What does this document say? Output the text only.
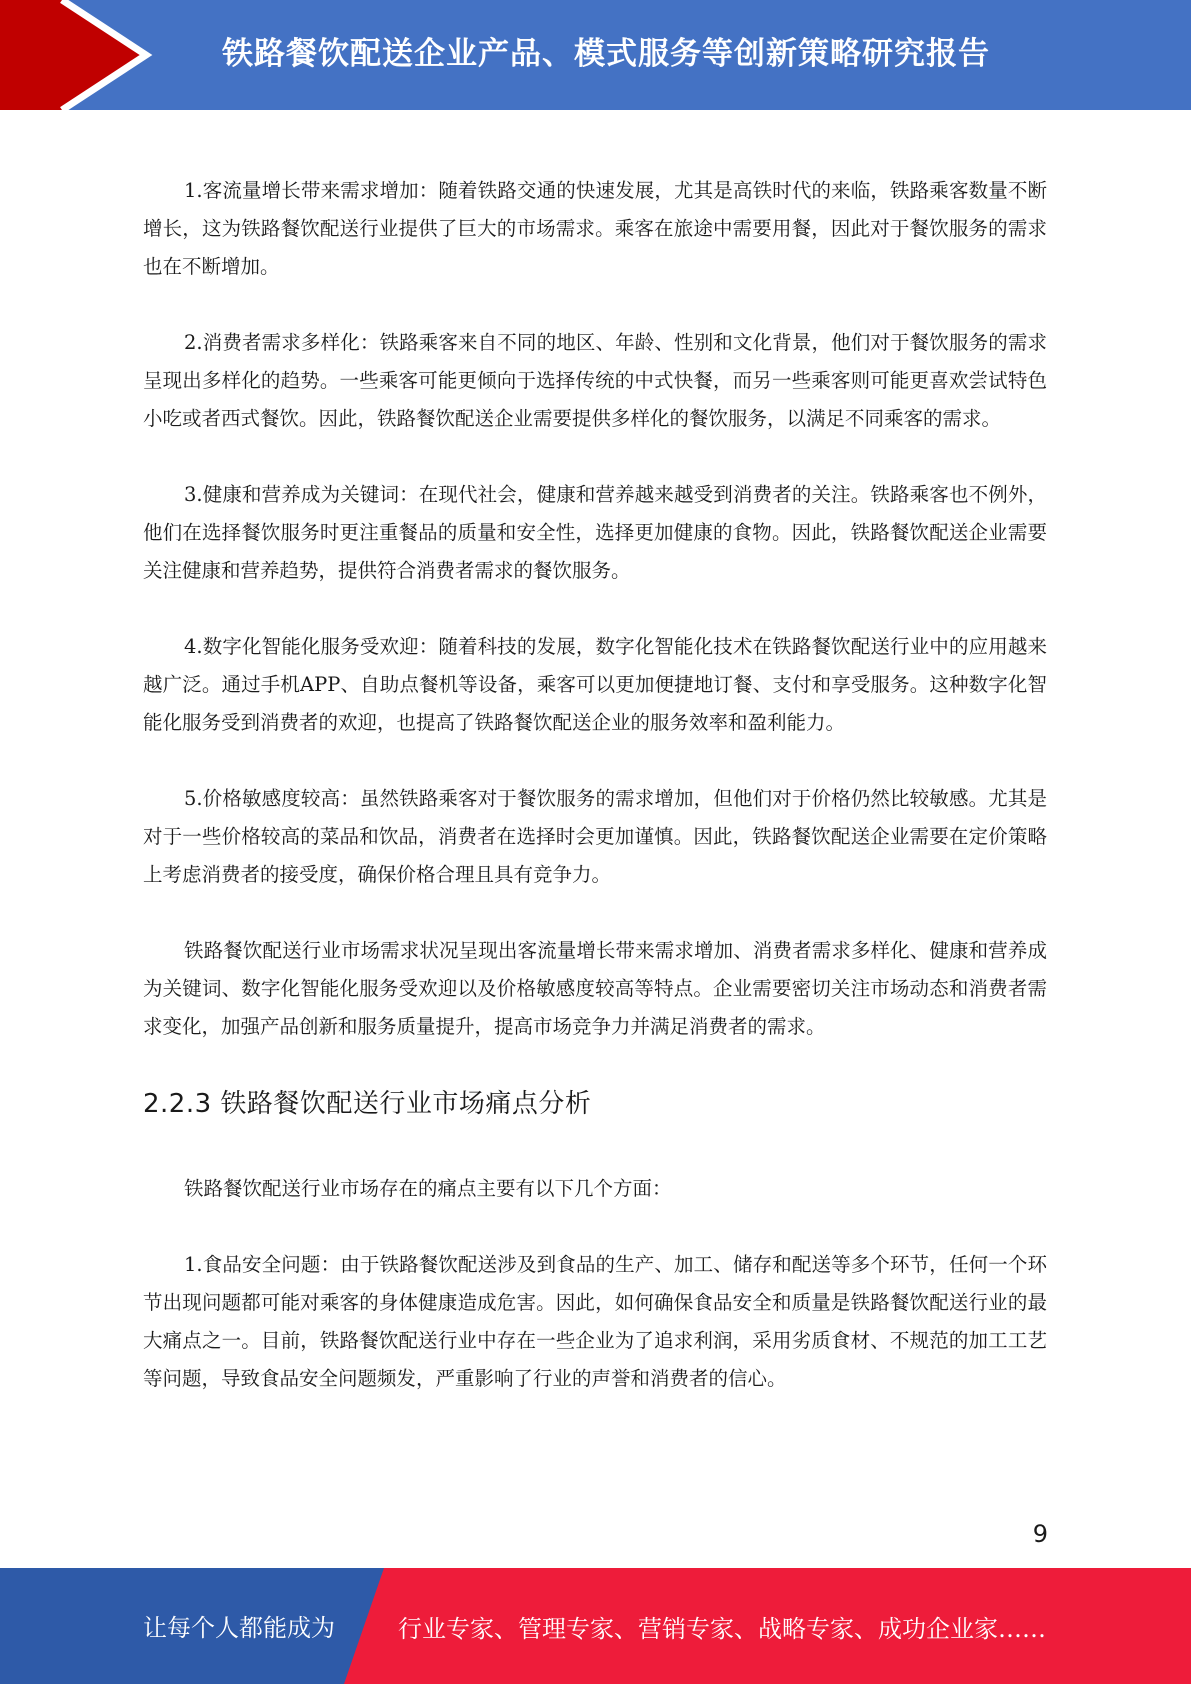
铁路餐饮配送企业产品、模式服务等创新策略研究报告

1.客流量增长带来需求增加：随着铁路交通的快速发展，尤其是高铁时代的来临，铁路乘客数量不断增长，这为铁路餐饮配送行业提供了巨大的市场需求。乘客在旅途中需要用餐，因此对于餐饮服务的需求也在不断增加。

2.消费者需求多样化：铁路乘客来自不同的地区、年龄、性别和文化背景，他们对于餐饮服务的需求呈现出多样化的趋势。一些乘客可能更倾向于选择传统的中式快餐，而另一些乘客则可能更喜欢尝试特色小吃或者西式餐饮。因此，铁路餐饮配送企业需要提供多样化的餐饮服务，以满足不同乘客的需求。

3.健康和营养成为关键词：在现代社会，健康和营养越来越受到消费者的关注。铁路乘客也不例外，他们在选择餐饮服务时更注重餐品的质量和安全性，选择更加健康的食物。因此，铁路餐饮配送企业需要关注健康和营养趋势，提供符合消费者需求的餐饮服务。

4.数字化智能化服务受欢迎：随着科技的发展，数字化智能化技术在铁路餐饮配送行业中的应用越来越广泛。通过手机APP、自助点餐机等设备，乘客可以更加便捷地订餐、支付和享受服务。这种数字化智能化服务受到消费者的欢迎，也提高了铁路餐饮配送企业的服务效率和盈利能力。

5.价格敏感度较高：虽然铁路乘客对于餐饮服务的需求增加，但他们对于价格仍然比较敏感。尤其是对于一些价格较高的菜品和饮品，消费者在选择时会更加谨慎。因此，铁路餐饮配送企业需要在定价策略上考虑消费者的接受度，确保价格合理且具有竞争力。

铁路餐饮配送行业市场需求状况呈现出客流量增长带来需求增加、消费者需求多样化、健康和营养成为关键词、数字化智能化服务受欢迎以及价格敏感度较高等特点。企业需要密切关注市场动态和消费者需求变化，加强产品创新和服务质量提升，提高市场竞争力并满足消费者的需求。

2.2.3 铁路餐饮配送行业市场痛点分析

铁路餐饮配送行业市场存在的痛点主要有以下几个方面：

1.食品安全问题：由于铁路餐饮配送涉及到食品的生产、加工、储存和配送等多个环节，任何一个环节出现问题都可能对乘客的身体健康造成危害。因此，如何确保食品安全和质量是铁路餐饮配送行业的最大痛点之一。目前，铁路餐饮配送行业中存在一些企业为了追求利润，采用劣质食材、不规范的加工工艺等问题，导致食品安全问题频发，严重影响了行业的声誉和消费者的信心。

9
让每个人都能成为	行业专家、管理专家、营销专家、战略专家、成功企业家……
